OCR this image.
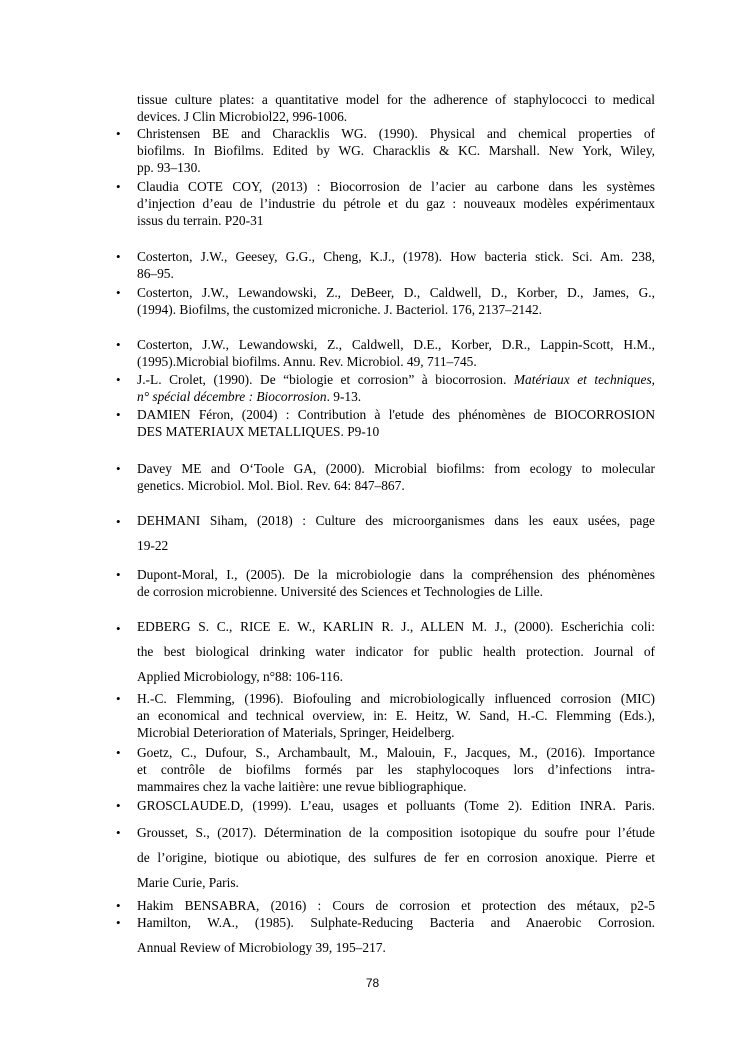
tissue culture plates: a quantitative model for the adherence of staphylococci to medical
devices. J Clin Microbiol22, 996-1006.
• Christensen BE and Characklis WG. (1990). Physical and chemical properties of
biofilms. In Biofilms. Edited by WG. Characklis & KC. Marshall. New York, Wiley,
pp. 93–130.
• Claudia COTE COY, (2013) : Biocorrosion de l’acier au carbone dans les systèmes
d’injection d’eau de l’industrie du pétrole et du gaz : nouveaux modèles expérimentaux
issus du terrain. P20-31
• Costerton, J.W., Geesey, G.G., Cheng, K.J., (1978). How bacteria stick. Sci. Am. 238,
86–95.
• Costerton, J.W., Lewandowski, Z., DeBeer, D., Caldwell, D., Korber, D., James, G.,
(1994). Biofilms, the customized microniche. J. Bacteriol. 176, 2137–2142.
• Costerton, J.W., Lewandowski, Z., Caldwell, D.E., Korber, D.R., Lappin-Scott, H.M.,
(1995).Microbial biofilms. Annu. Rev. Microbiol. 49, 711–745.
• J.-L. Crolet, (1990). De “biologie et corrosion” à biocorrosion. Matériaux et techniques,
n° spécial décembre : Biocorrosion. 9-13.
• DAMIEN Féron, (2004) : Contribution à l'etude des phénomènes de BIOCORROSION
DES MATERIAUX METALLIQUES. P9-10
• Davey ME and O‘Toole GA, (2000). Microbial biofilms: from ecology to molecular
genetics. Microbiol. Mol. Biol. Rev. 64: 847–867.
• DEHMANI Siham, (2018) : Culture des microorganismes dans les eaux usées, page
19-22
• Dupont-Moral, I., (2005). De la microbiologie dans la compréhension des phénomènes
de corrosion microbienne. Université des Sciences et Technologies de Lille.
• EDBERG S. C., RICE E. W., KARLIN R. J., ALLEN M. J., (2000). Escherichia coli:
the best biological drinking water indicator for public health protection. Journal of
Applied Microbiology, n°88: 106-116.
• H.-C. Flemming, (1996). Biofouling and microbiologically influenced corrosion (MIC)
an economical and technical overview, in: E. Heitz, W. Sand, H.-C. Flemming (Eds.),
Microbial Deterioration of Materials, Springer, Heidelberg.
• Goetz, C., Dufour, S., Archambault, M., Malouin, F., Jacques, M., (2016). Importance
et contrôle de biofilms formés par les staphylocoques lors d’infections intra-
mammaires chez la vache laitière: une revue bibliographique.
• GROSCLAUDE.D, (1999). L’eau, usages et polluants (Tome 2). Edition INRA. Paris.
• Grousset, S., (2017). Détermination de la composition isotopique du soufre pour l’étude
de l’origine, biotique ou abiotique, des sulfures de fer en corrosion anoxique. Pierre et
Marie Curie, Paris.
• Hakim BENSABRA, (2016) : Cours de corrosion et protection des métaux, p2-5
• Hamilton, W.A., (1985). Sulphate-Reducing Bacteria and Anaerobic Corrosion.
Annual Review of Microbiology 39, 195–217.
78
